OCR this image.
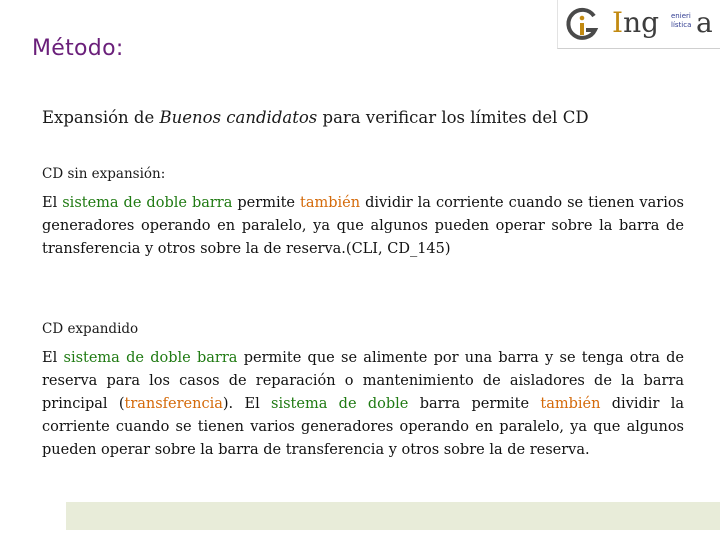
Método:
Ing enieri
lística a
Expansión de Buenos candidatos para verificar los límites del CD
CD sin expansión:
El sistema de doble barra permite también dividir la corriente cuando se tienen varios generadores operando en paralelo, ya que algunos pueden operar sobre la barra de transferencia y otros sobre la de reserva.(CLI, CD_145)
CD expandido
El sistema de doble barra permite que se alimente por una barra y se tenga otra de reserva para los casos de reparación o mantenimiento de aisladores de la barra principal (transferencia). El sistema de doble barra permite también dividir la corriente cuando se tienen varios generadores operando en paralelo, ya que algunos pueden operar sobre la barra de transferencia y otros sobre la de reserva.
